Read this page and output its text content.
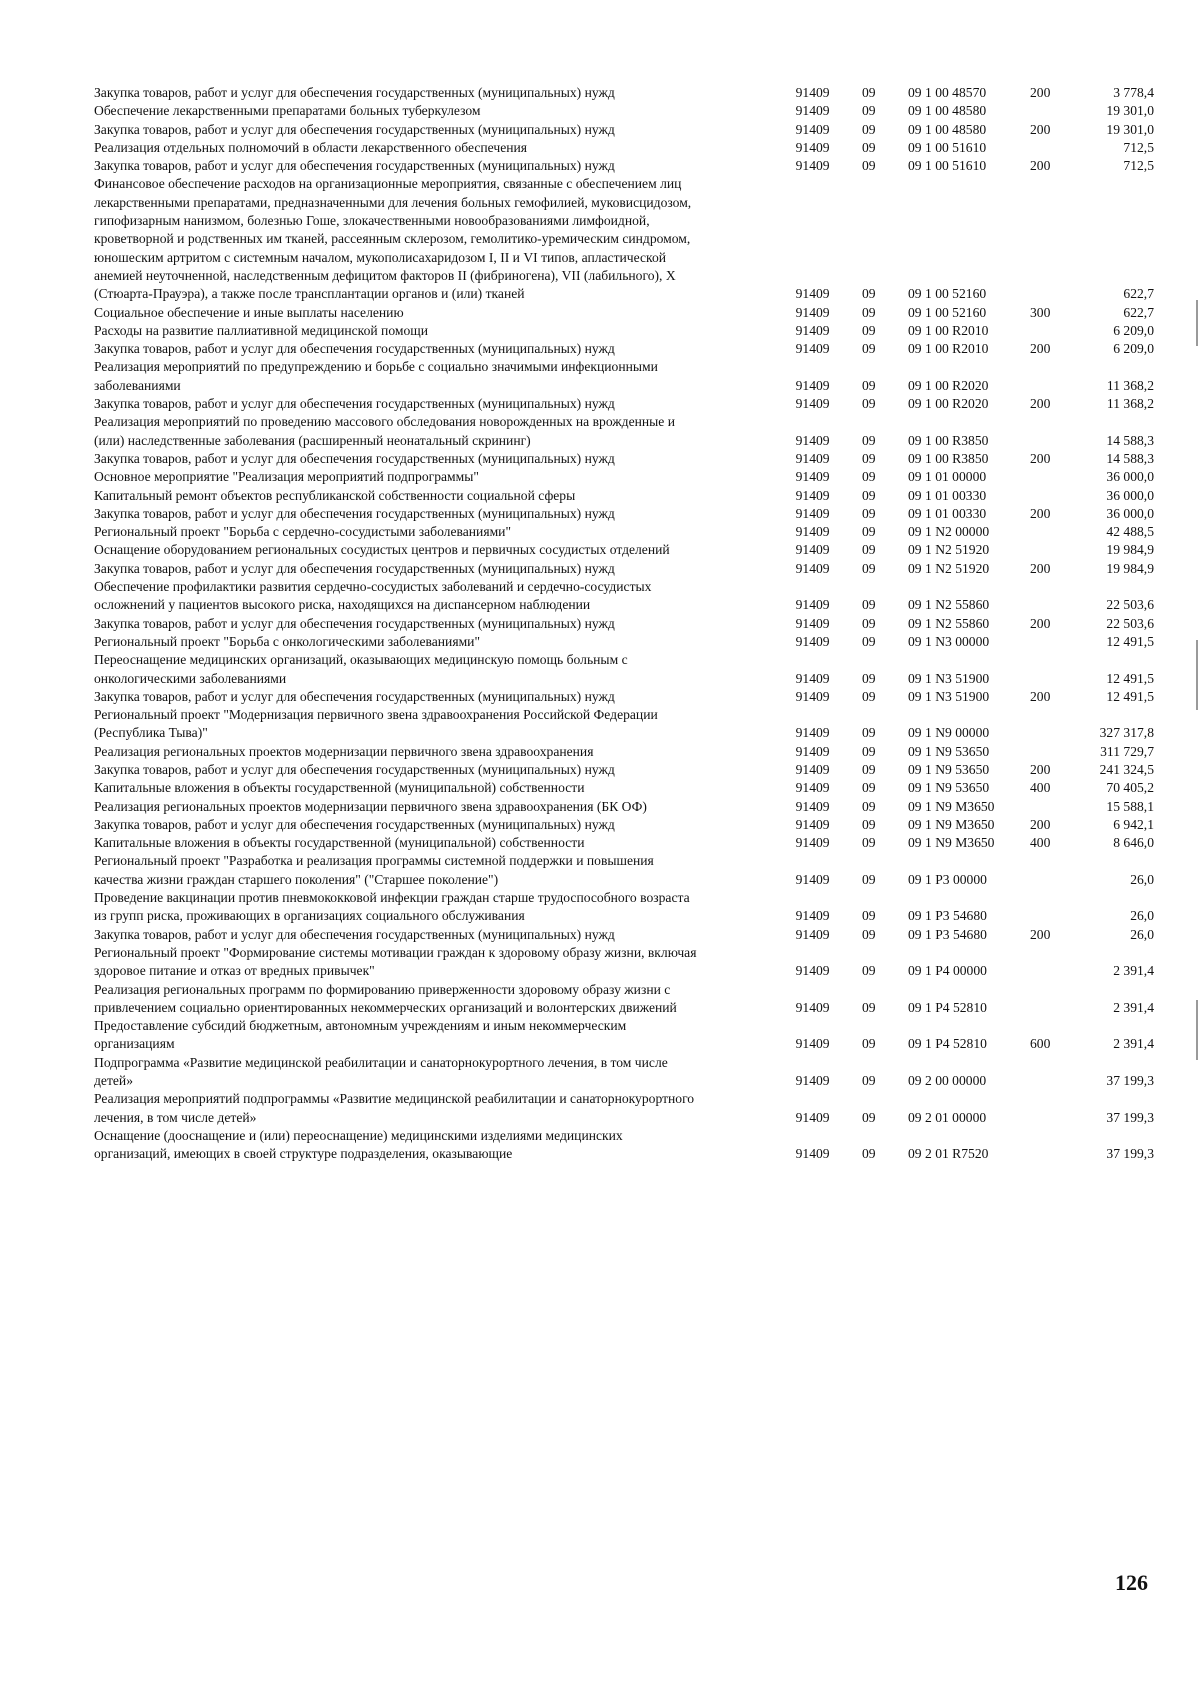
Закупка товаров, работ и услуг для обеспечения государственных (муниципальных) нужд	914	09	09	09 1 00 48570	200	3 778,4
Обеспечение лекарственными препаратами больных туберкулезом	914	09	09	09 1 00 48580		19 301,0
Закупка товаров, работ и услуг для обеспечения государственных (муниципальных) нужд	914	09	09	09 1 00 48580	200	19 301,0
Реализация отдельных полномочий в области лекарственного обеспечения	914	09	09	09 1 00 51610		712,5
Закупка товаров, работ и услуг для обеспечения государственных (муниципальных) нужд	914	09	09	09 1 00 51610	200	712,5
Финансовое обеспечение расходов на организационные мероприятия, связанные с обеспечением лиц лекарственными препаратами, предназначенными для лечения больных гемофилией, муковисцидозом, гипофизарным нанизмом, болезнью Гоше, злокачественными новообразованиями лимфоидной, кроветворной и родственных им тканей, рассеянным склерозом, гемолитико-уремическим синдромом, юношеским артритом с системным началом, мукополисахаридозом I, II и VI типов, апластической анемией неуточненной, наследственным дефицитом факторов II (фибриногена), VII (лабильного), X (Стюарта-Прауэра), а также после трансплантации органов и (или) тканей	914	09	09	09 1 00 52160		622,7
Социальное обеспечение и иные выплаты населению	914	09	09	09 1 00 52160	300	622,7
Расходы на развитие паллиативной медицинской помощи	914	09	09	09 1 00 R2010		6 209,0
Закупка товаров, работ и услуг для обеспечения государственных (муниципальных) нужд	914	09	09	09 1 00 R2010	200	6 209,0
Реализация мероприятий по предупреждению и борьбе с социально значимыми инфекционными заболеваниями	914	09	09	09 1 00 R2020		11 368,2
Закупка товаров, работ и услуг для обеспечения государственных (муниципальных) нужд	914	09	09	09 1 00 R2020	200	11 368,2
Реализация мероприятий по проведению массового обследования новорожденных на врожденные и (или) наследственные заболевания (расширенный неонатальный скрининг)	914	09	09	09 1 00 R3850		14 588,3
Закупка товаров, работ и услуг для обеспечения государственных (муниципальных) нужд	914	09	09	09 1 00 R3850	200	14 588,3
Основное мероприятие "Реализация мероприятий подпрограммы"	914	09	09	09 1 01 00000		36 000,0
Капитальный ремонт объектов республиканской собственности социальной сферы	914	09	09	09 1 01 00330		36 000,0
Закупка товаров, работ и услуг для обеспечения государственных (муниципальных) нужд	914	09	09	09 1 01 00330	200	36 000,0
Региональный проект "Борьба с сердечно-сосудистыми заболеваниями"	914	09	09	09 1 N2 00000		42 488,5
Оснащение оборудованием региональных сосудистых центров и первичных сосудистых отделений	914	09	09	09 1 N2 51920		19 984,9
Закупка товаров, работ и услуг для обеспечения государственных (муниципальных) нужд	914	09	09	09 1 N2 51920	200	19 984,9
Обеспечение профилактики развития сердечно-сосудистых заболеваний и сердечно-сосудистых осложнений у пациентов высокого риска, находящихся на диспансерном наблюдении	914	09	09	09 1 N2 55860		22 503,6
Закупка товаров, работ и услуг для обеспечения государственных (муниципальных) нужд	914	09	09	09 1 N2 55860	200	22 503,6
Региональный проект "Борьба с онкологическими заболеваниями"	914	09	09	09 1 N3 00000		12 491,5
Переоснащение медицинских организаций, оказывающих медицинскую помощь больным с онкологическими заболеваниями	914	09	09	09 1 N3 51900		12 491,5
Закупка товаров, работ и услуг для обеспечения государственных (муниципальных) нужд	914	09	09	09 1 N3 51900	200	12 491,5
Региональный проект "Модернизация первичного звена здравоохранения Российской Федерации (Республика Тыва)"	914	09	09	09 1 N9 00000		327 317,8
Реализация региональных проектов модернизации первичного звена здравоохранения	914	09	09	09 1 N9 53650		311 729,7
Закупка товаров, работ и услуг для обеспечения государственных (муниципальных) нужд	914	09	09	09 1 N9 53650	200	241 324,5
Капитальные вложения в объекты государственной (муниципальной) собственности	914	09	09	09 1 N9 53650	400	70 405,2
Реализация региональных проектов модернизации первичного звена здравоохранения (БК ОФ)	914	09	09	09 1 N9 M3650		15 588,1
Закупка товаров, работ и услуг для обеспечения государственных (муниципальных) нужд	914	09	09	09 1 N9 M3650	200	6 942,1
Капитальные вложения в объекты государственной (муниципальной) собственности	914	09	09	09 1 N9 M3650	400	8 646,0
Региональный проект "Разработка и реализация программы системной поддержки и повышения качества жизни граждан старшего поколения" ("Старшее поколение")	914	09	09	09 1 P3 00000		26,0
Проведение вакцинации против пневмококковой инфекции граждан старше трудоспособного возраста из групп риска, проживающих в организациях социального обслуживания	914	09	09	09 1 P3 54680		26,0
Закупка товаров, работ и услуг для обеспечения государственных (муниципальных) нужд	914	09	09	09 1 P3 54680	200	26,0
Региональный проект "Формирование системы мотивации граждан к здоровому образу жизни, включая здоровое питание и отказ от вредных привычек"	914	09	09	09 1 P4 00000		2 391,4
Реализация региональных программ по формированию приверженности здоровому образу жизни с привлечением социально ориентированных некоммерческих организаций и волонтерских движений	914	09	09	09 1 P4 52810		2 391,4
Предоставление субсидий бюджетным, автономным учреждениям и иным некоммерческим организациям	914	09	09	09 1 P4 52810	600	2 391,4
Подпрограмма «Развитие медицинской реабилитации и санаторнокурортного лечения, в том числе детей»	914	09	09	09 2 00 00000		37 199,3
Реализация мероприятий подпрограммы «Развитие медицинской реабилитации и санаторнокурортного лечения, в том числе детей»	914	09	09	09 2 01 00000		37 199,3
Оснащение (дооснащение и (или) переоснащение) медицинскими изделиями медицинских организаций, имеющих в своей структуре подразделения, оказывающие	914	09	09	09 2 01 R7520		37 199,3
126
